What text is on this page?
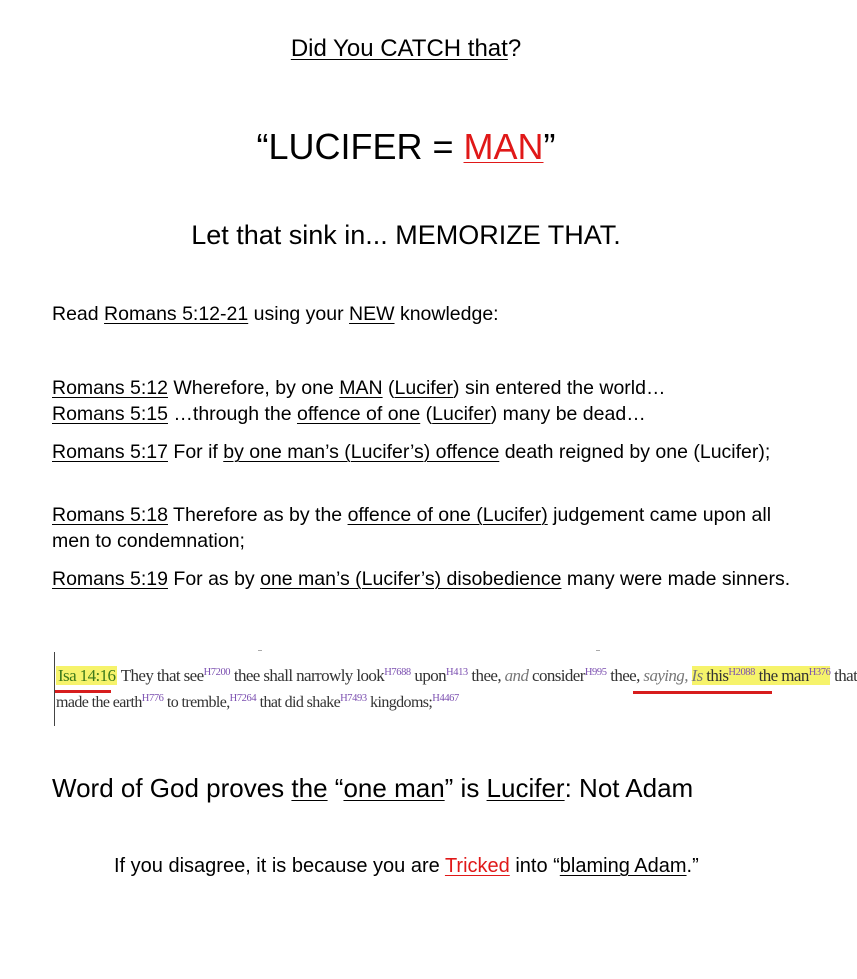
Did You CATCH that?
“LUCIFER = MAN”
Let that sink in... MEMORIZE THAT.
Read Romans 5:12-21 using your NEW knowledge:
Romans 5:12 Wherefore, by one MAN (Lucifer) sin entered the world…
Romans 5:15 …through the offence of one (Lucifer) many be dead…
Romans 5:17 For if by one man’s (Lucifer’s) offence death reigned by one (Lucifer);
Romans 5:18 Therefore as by the offence of one (Lucifer) judgement came upon all men to condemnation;
Romans 5:19 For as by one man’s (Lucifer’s) disobedience many were made sinners.
Isa 14:16 They that see$^{H7200}$ thee shall narrowly look$^{H7688}$ upon$^{H413}$ thee, and consider$^{H995}$ thee, saying, Is this$^{H2088}$ the man$^{H376}$ that
made the earth$^{H776}$ to tremble,$^{H7264}$ that did shake$^{H7493}$ kingdoms;$^{H4467}$
Word of God proves the “one man” is Lucifer: Not Adam
If you disagree, it is because you are Tricked into “blaming Adam.”
